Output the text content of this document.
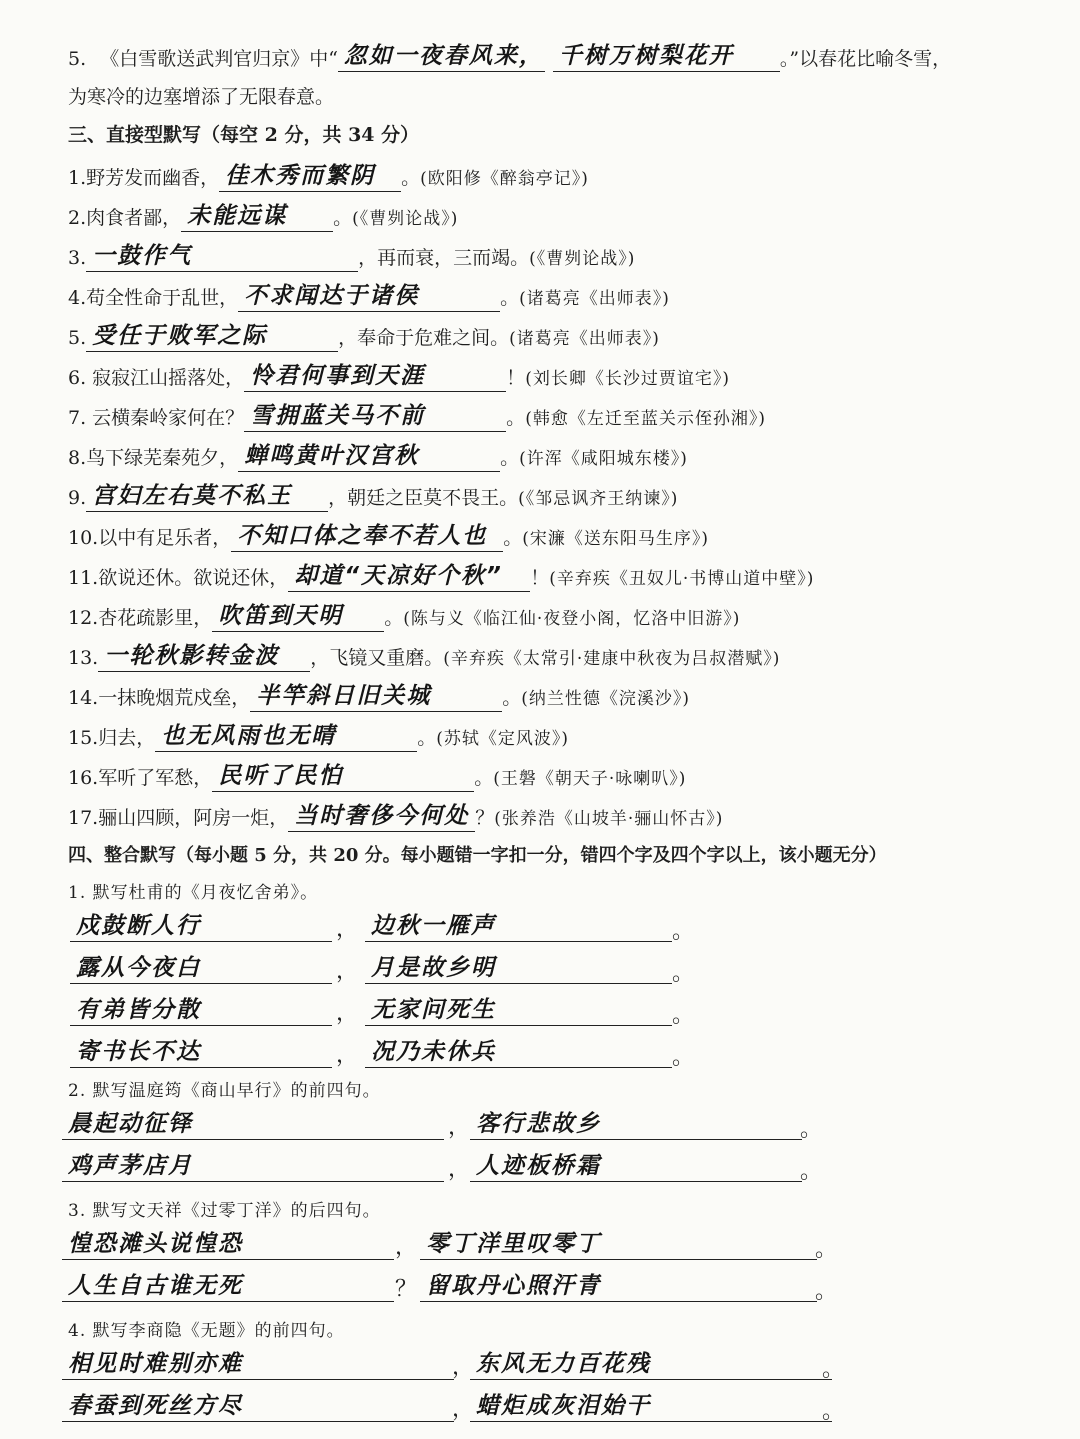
5. 《白雪歌送武判官归京》中“ 忽如一夜春风来， 千树万树梨花开 。”以春花比喻冬雪，
为寒冷的边塞增添了无限春意。
三、直接型默写（每空 2 分，共 34 分）
1.野芳发而幽香， 佳木秀而繁阴 。(欧阳修《醉翁亭记》)
2.肉食者鄙， 未能远谋 。(《曹刿论战》)
3. 一鼓作气	，再而衰，三而竭。(《曹刿论战》)
4.苟全性命于乱世， 不求闻达于诸侯	。(诸葛亮《出师表》)
5. 受任于败军之际	，奉命于危难之间。(诸葛亮《出师表》)
6. 寂寂江山摇落处， 怜君何事到天涯	！(刘长卿《长沙过贾谊宅》)
7. 云横秦岭家何在？ 雪拥蓝关马不前	。(韩愈《左迁至蓝关示侄孙湘》)
8.鸟下绿芜秦苑夕， 蝉鸣黄叶汉宫秋	。(许浑《咸阳城东楼》)
9. 宫妇左右莫不私王 ，朝廷之臣莫不畏王。(《邹忌讽齐王纳谏》)
10.以中有足乐者， 不知口体之奉不若人也 。(宋濂《送东阳马生序》)
11.欲说还休。欲说还休， 却道“天凉好个秋” ！(辛弃疾《丑奴儿·书博山道中壁》)
12.杏花疏影里， 吹笛到天明 。(陈与义《临江仙·夜登小阁，忆洛中旧游》)
13. 一轮秋影转金波 ，飞镜又重磨。(辛弃疾《太常引·建康中秋夜为吕叔潜赋》)
14.一抹晚烟荒戍垒， 半竿斜日旧关城	。(纳兰性德《浣溪沙》)
15.归去， 也无风雨也无晴	。(苏轼《定风波》)
16.军听了军愁， 民听了民怕	。(王磐《朝天子·咏喇叭》)
17.骊山四顾，阿房一炬， 当时奢侈今何处 ？(张养浩《山坡羊·骊山怀古》)
四、整合默写（每小题 5 分，共 20 分。每小题错一字扣一分，错四个字及四个字以上，该小题无分）
1. 默写杜甫的《月夜忆舍弟》。
戍鼓断人行	， 边秋一雁声	。
露从今夜白	， 月是故乡明	。
有弟皆分散	， 无家问死生	。
寄书长不达	， 况乃未休兵	。
2. 默写温庭筠《商山早行》的前四句。
晨起动征铎	， 客行悲故乡	。
鸡声茅店月	， 人迹板桥霜	。
3. 默写文天祥《过零丁洋》的后四句。
惶恐滩头说惶恐	， 零丁洋里叹零丁	。
人生自古谁无死	？ 留取丹心照汗青	。
4. 默写李商隐《无题》的前四句。
相见时难别亦难	， 东风无力百花残	。
春蚕到死丝方尽	， 蜡炬成灰泪始干	。
